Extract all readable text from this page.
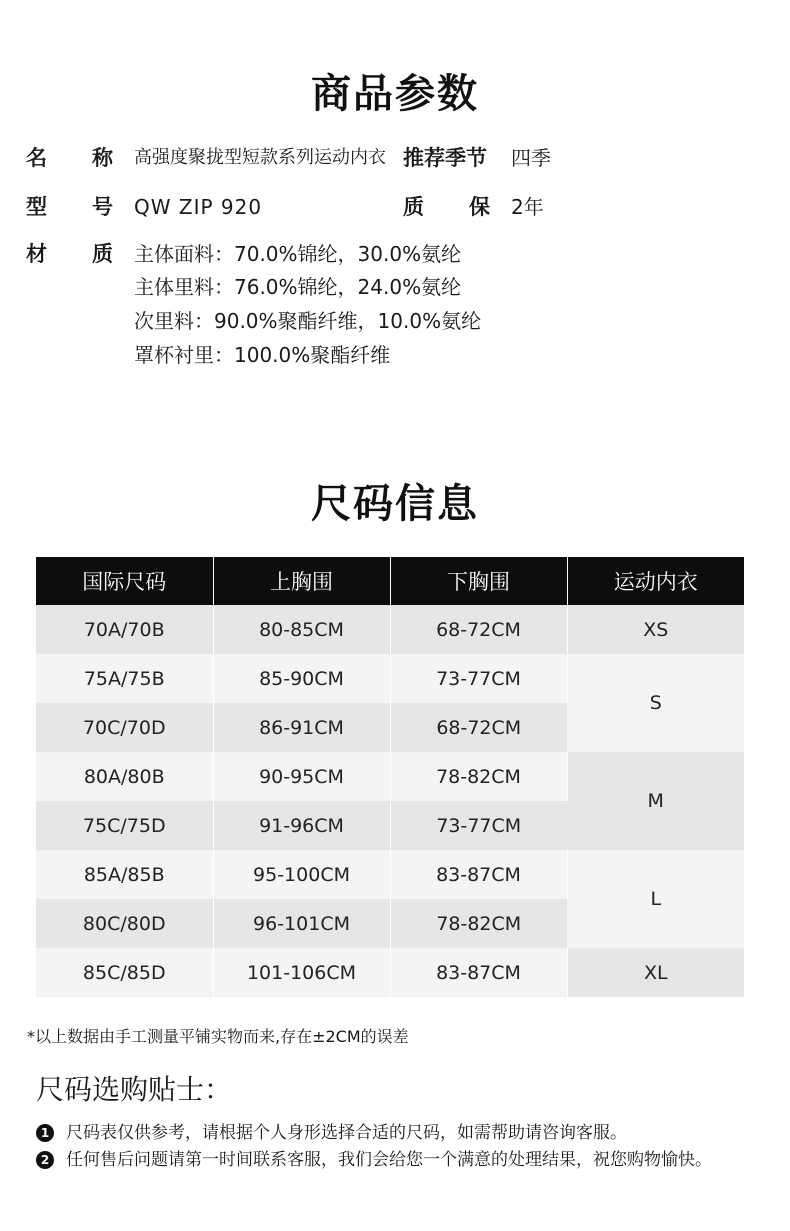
商品参数
名 称 高强度聚拢型短款系列运动内衣 推荐季节	四季
型 号 QW ZIP 920	质 保 2年
材 质 主体面料：70.0%锦纶，30.0%氨纶
主体里料：76.0%锦纶，24.0%氨纶
次里料：90.0%聚酯纤维，10.0%氨纶
罩杯衬里：100.0%聚酯纤维
尺码信息
国际尺码	上胸围	下胸围	运动内衣
70A/70B	80-85CM	68-72CM	XS
75A/75B	85-90CM	73-77CM	S
70C/70D	86-91CM	68-72CM	
80A/80B	90-95CM	78-82CM	M
75C/75D	91-96CM	73-77CM	
85A/85B	95-100CM	83-87CM	L
80C/80D	96-101CM	78-82CM	
85C/85D	101-106CM	83-87CM	XL
*以上数据由手工测量平铺实物而来,存在±2CM的误差
尺码选购贴士：
1 尺码表仅供参考，请根据个人身形选择合适的尺码，如需帮助请咨询客服。
2 任何售后问题请第一时间联系客服，我们会给您一个满意的处理结果，祝您购物愉快。
